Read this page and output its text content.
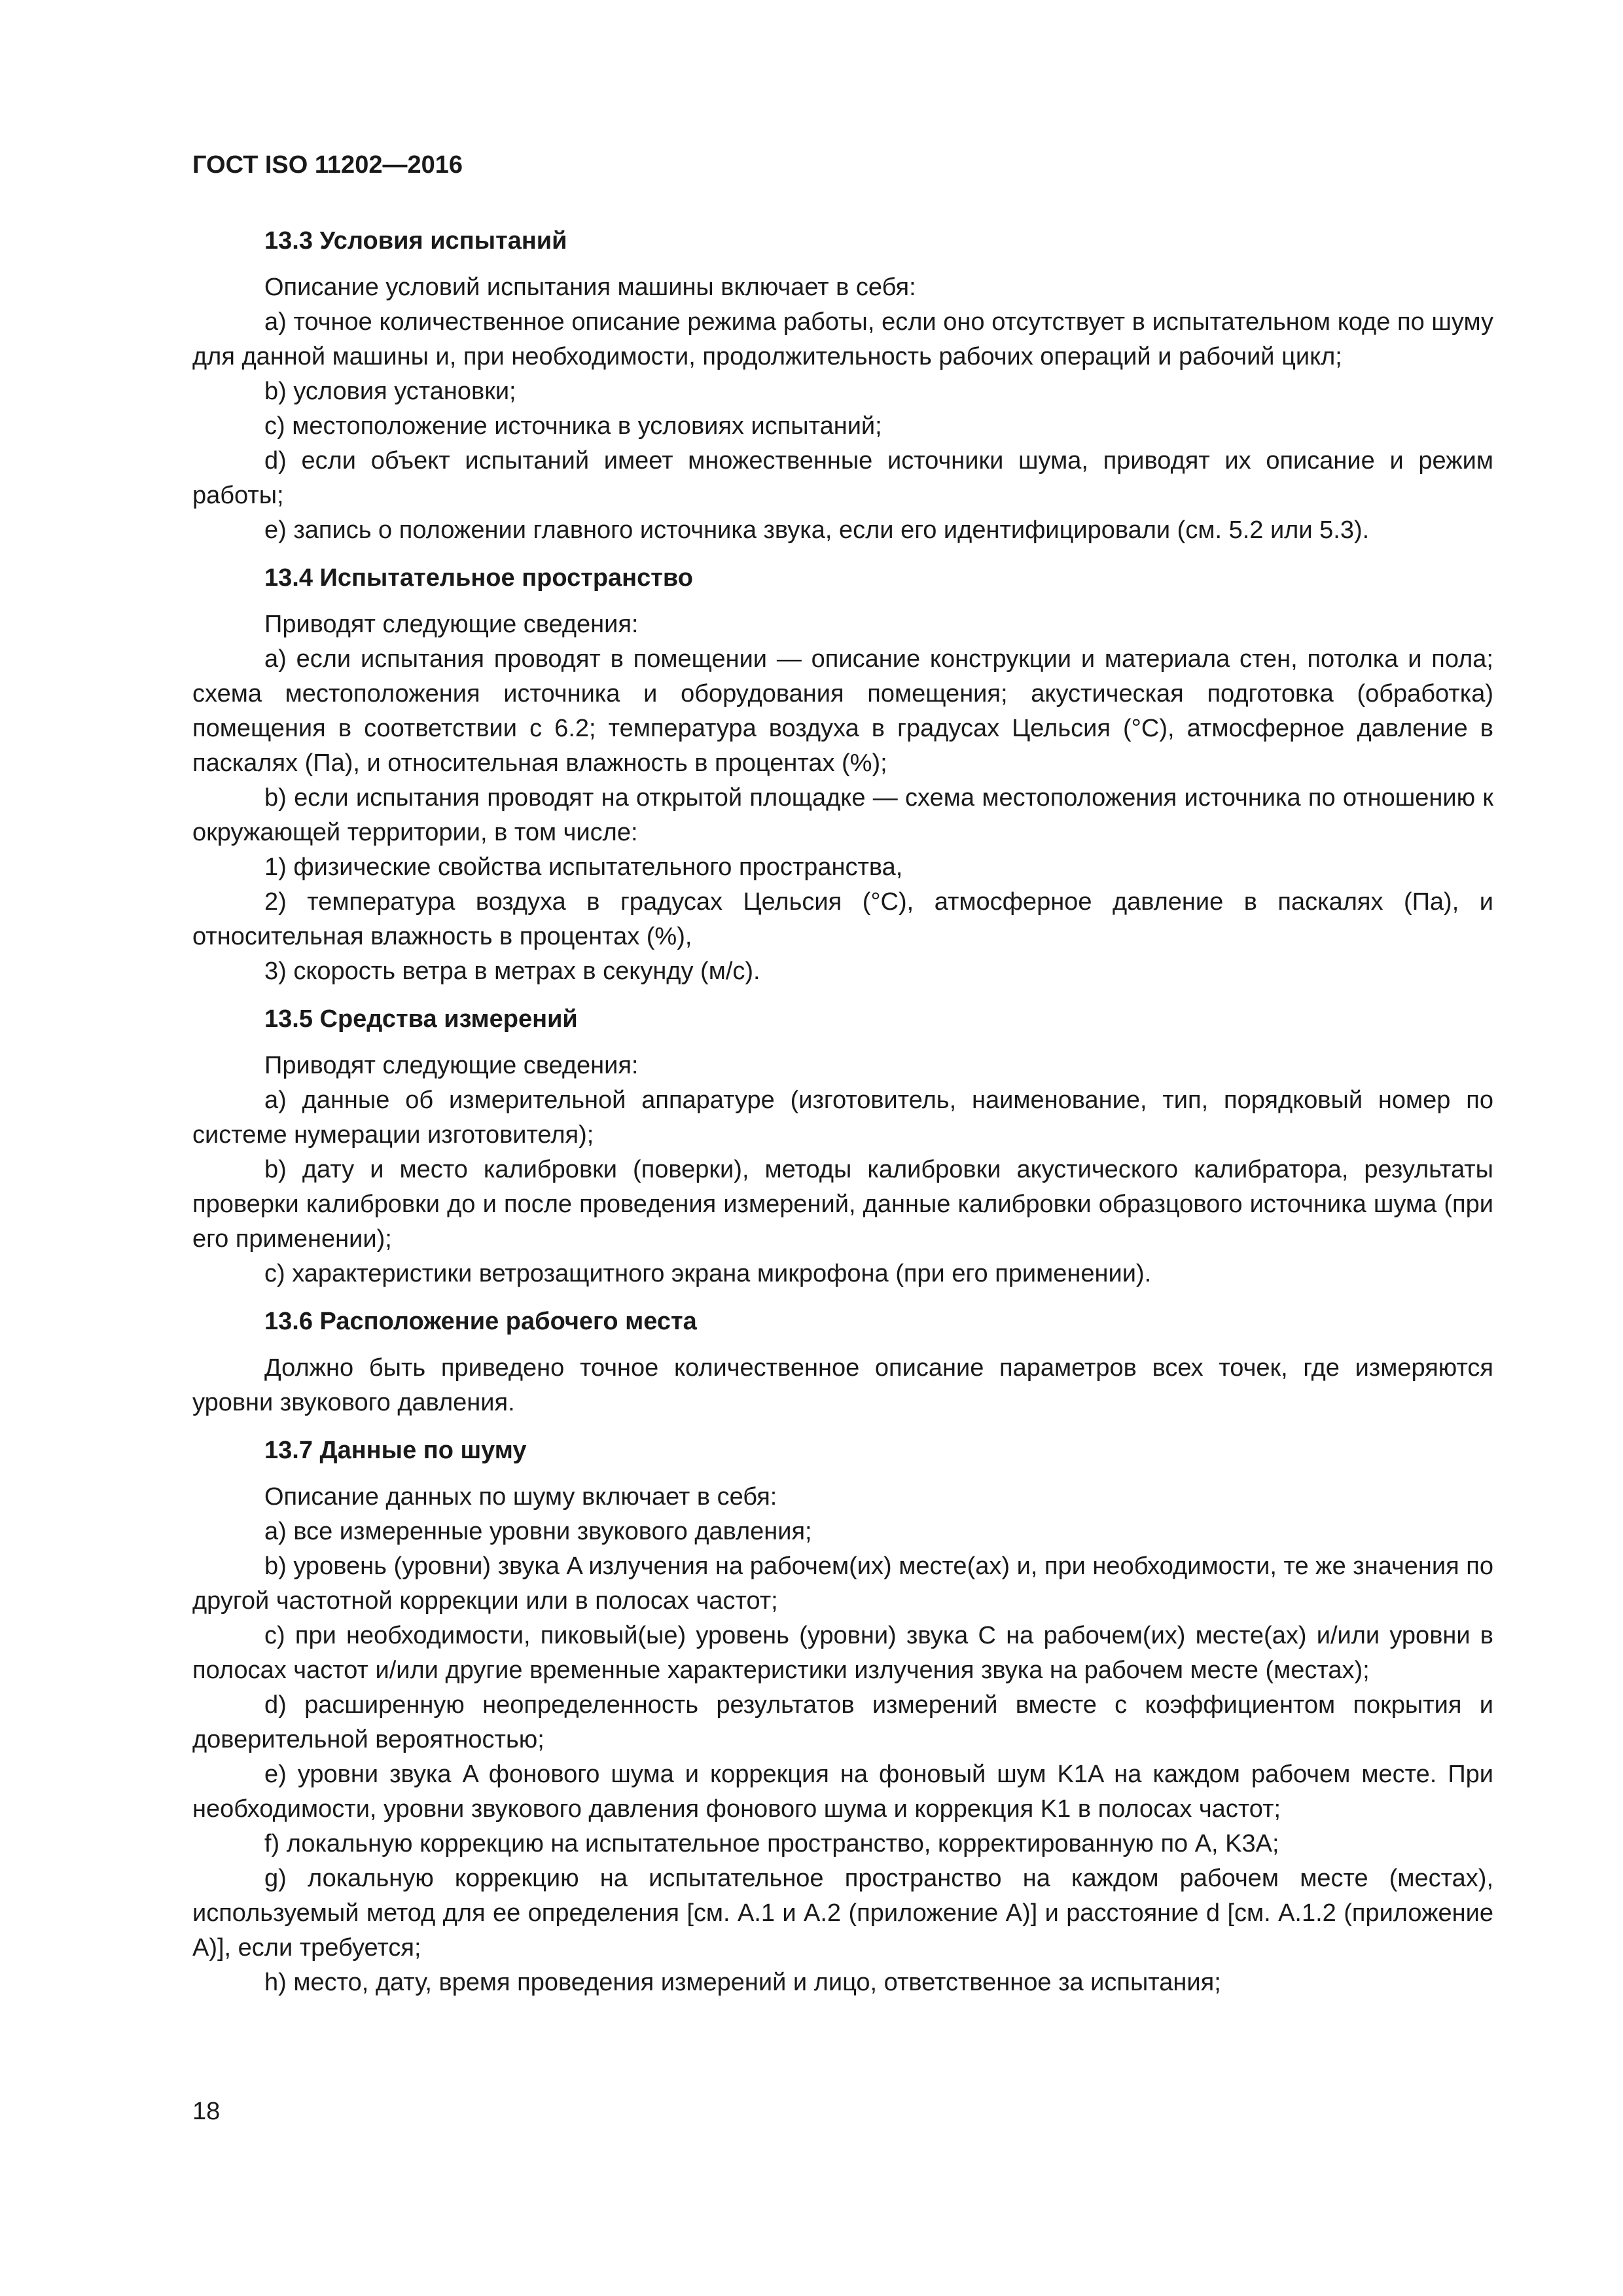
ГОСТ ISO 11202—2016
13.3 Условия испытаний

Описание условий испытания машины включает в себя:

а) точное количественное описание режима работы, если оно отсутствует в испытательном коде по шуму для данной машины и, при необходимости, продолжительность рабочих операций и рабочий цикл;

b) условия установки;

c) местоположение источника в условиях испытаний;

d) если объект испытаний имеет множественные источники шума, приводят их описание и режим работы;

e) запись о положении главного источника звука, если его идентифицировали (см. 5.2 или 5.3).

13.4 Испытательное пространство

Приводят следующие сведения:

а) если испытания проводят в помещении — описание конструкции и материала стен, потолка и пола; схема местоположения источника и оборудования помещения; акустическая подготовка (обработка) помещения в соответствии с 6.2; температура воздуха в градусах Цельсия (°C), атмосферное давление в паскалях (Па), и относительная влажность в процентах (%);

b) если испытания проводят на открытой площадке — схема местоположения источника по отношению к окружающей территории, в том числе:

1) физические свойства испытательного пространства,

2) температура воздуха в градусах Цельсия (°C), атмосферное давление в паскалях (Па), и относительная влажность в процентах (%),

3) скорость ветра в метрах в секунду (м/с).

13.5 Средства измерений

Приводят следующие сведения:

а) данные об измерительной аппаратуре (изготовитель, наименование, тип, порядковый номер по системе нумерации изготовителя);

b) дату и место калибровки (поверки), методы калибровки акустического калибратора, результаты проверки калибровки до и после проведения измерений, данные калибровки образцового источника шума (при его применении);

c) характеристики ветрозащитного экрана микрофона (при его применении).

13.6 Расположение рабочего места

Должно быть приведено точное количественное описание параметров всех точек, где измеряются уровни звукового давления.

13.7 Данные по шуму

Описание данных по шуму включает в себя:

а) все измеренные уровни звукового давления;

b) уровень (уровни) звука A излучения на рабочем(их) месте(ах) и, при необходимости, те же значения по другой частотной коррекции или в полосах частот;

c) при необходимости, пиковый(ые) уровень (уровни) звука C на рабочем(их) месте(ах) и/или уровни в полосах частот и/или другие временные характеристики излучения звука на рабочем месте (местах);

d) расширенную неопределенность результатов измерений вместе с коэффициентом покрытия и доверительной вероятностью;

e) уровни звука A фонового шума и коррекция на фоновый шум K1A на каждом рабочем месте. При необходимости, уровни звукового давления фонового шума и коррекция K1 в полосах частот;

f) локальную коррекцию на испытательное пространство, корректированную по A, K3A;

g) локальную коррекцию на испытательное пространство на каждом рабочем месте (местах), используемый метод для ее определения [см. A.1 и A.2 (приложение A)] и расстояние d [см. A.1.2 (приложение A)], если требуется;

h) место, дату, время проведения измерений и лицо, ответственное за испытания;

18
